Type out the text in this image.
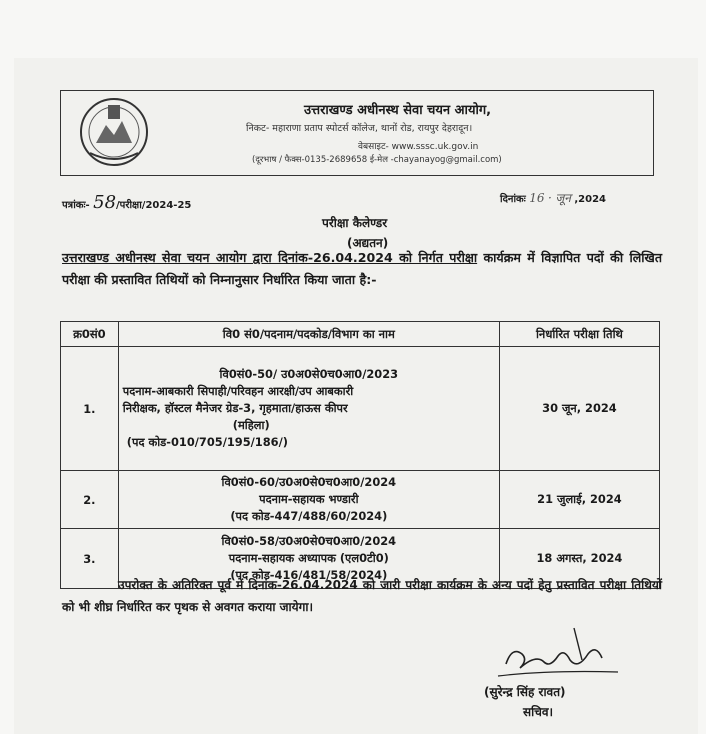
उत्तराखण्ड अधीनस्थ सेवा चयन आयोग,
निकट- महाराणा प्रताप स्पोटर्स कॉलेज, थानों रोड, रायपुर देहरादून।
वेबसाइट- www.sssc.uk.gov.in
(दूरभाष / फैक्स-0135-2689658 ई-मेल -chayanayog@gmail.com)
पत्रांकः- 58/परीक्षा/2024-25
दिनांकः 16 · जून ,2024
परीक्षा कैलेण्डर
(अद्यतन)
उत्तराखण्ड अधीनस्थ सेवा चयन आयोग द्वारा दिनांक-26.04.2024 को निर्गत परीक्षा कार्यक्रम में विज्ञापित पदों की लिखित परीक्षा की प्रस्तावित तिथियों को निम्नानुसार निर्धारित किया जाता है:-
क्र0सं0	वि0 सं0/पदनाम/पदकोड/विभाग का नाम	निर्धारित परीक्षा तिथि
1.	वि0सं0-50/ उ0अ0से0च0आ0/2023
पदनाम-आबकारी सिपाही/परिवहन आरक्षी/उप आबकारी
निरीक्षक, हॉस्टल मैनेजर ग्रेड-3, गृहमाता/हाऊस कीपर
(महिला)
(पद कोड-010/705/195/186/)	30 जून, 2024
2.	वि0सं0-60/उ0अ0से0च0आ0/2024
पदनाम-सहायक भण्डारी
(पद कोड-447/488/60/2024)	21 जुलाई, 2024
3.	वि0सं0-58/उ0अ0से0च0आ0/2024
पदनाम-सहायक अध्यापक (एल0टी0)
(पद कोड-416/481/58/2024)	18 अगस्त, 2024
उपरोक्त के अतिरिक्त पूर्व में दिनांक-26.04.2024 को जारी परीक्षा कार्यक्रम के अन्य पदों हेतु प्रस्तावित परीक्षा तिथियों को भी शीघ्र निर्धारित कर पृथक से अवगत कराया जायेगा।
(सुरेन्द्र सिंह रावत)
सचिव।
